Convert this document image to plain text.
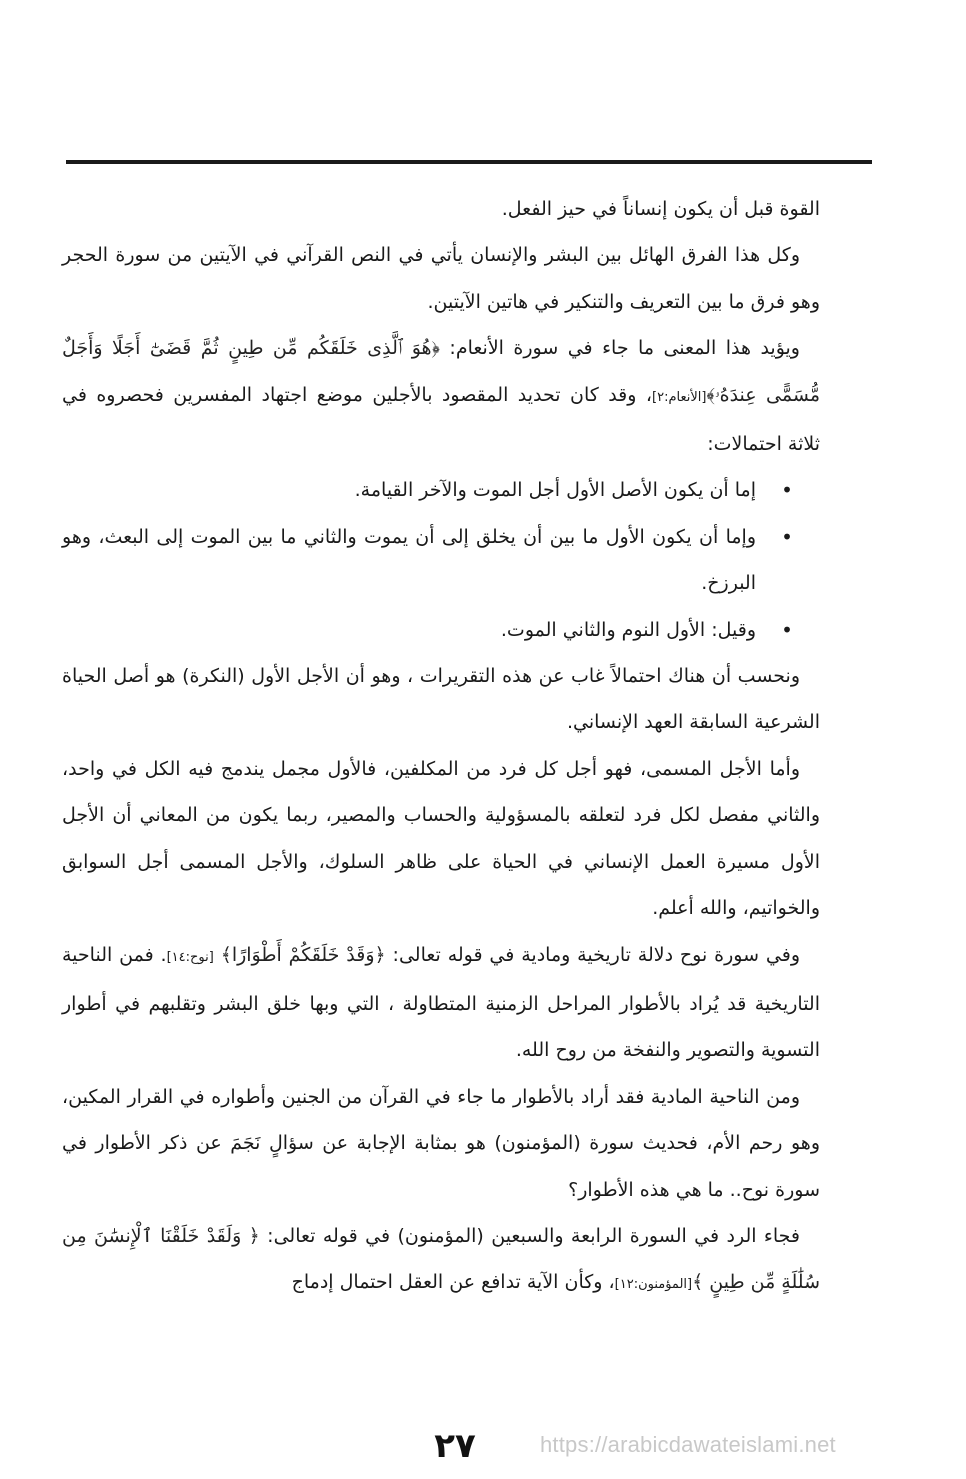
القوة قبل أن يكون إنساناً في حيز الفعل.

وكل هذا الفرق الهائل بين البشر والإنسان يأتي في النص القرآني في الآيتين من سورة الحجر وهو فرق ما بين التعريف والتنكير في هاتين الآيتين.

ويؤيد هذا المعنى ما جاء في سورة الأنعام: ﴿هُوَ ٱلَّذِى خَلَقَكُم مِّن طِينٍ ثُمَّ قَضَىٰٓ أَجَلًا وَأَجَلٌ مُّسَمًّى عِندَهُۥ﴾[الأنعام:٢]، وقد كان تحديد المقصود بالأجلين موضع اجتهاد المفسرين فحصروه في ثلاثة احتمالات:

•
إما أن يكون الأصل الأول أجل الموت والآخر القيامة.
•
وإما أن يكون الأول ما بين أن يخلق إلى أن يموت والثاني ما بين الموت إلى البعث، وهو البرزخ.
•
وقيل: الأول النوم والثاني الموت.

ونحسب أن هناك احتمالاً غاب عن هذه التقريرات ، وهو أن الأجل الأول (النكرة) هو أصل الحياة الشرعية السابقة العهد الإنساني.

وأما الأجل المسمى، فهو أجل كل فرد من المكلفين، فالأول مجمل يندمج فيه الكل في واحد، والثاني مفصل لكل فرد لتعلقه بالمسؤولية والحساب والمصير، ربما يكون من المعاني أن الأجل الأول مسيرة العمل الإنساني في الحياة على ظاهر السلوك، والأجل المسمى أجل السوابق والخواتيم، والله أعلم.

وفي سورة نوح دلالة تاريخية ومادية في قوله تعالى: ﴿وَقَدْ خَلَقَكُمْ أَطْوَارًا﴾ [نوح:١٤]. فمن الناحية التاريخية قد يُراد بالأطوار المراحل الزمنية المتطاولة ، التي وبها خلق البشر وتقلبهم في أطوار التسوية والتصوير والنفخة من روح الله.

ومن الناحية المادية فقد أراد بالأطوار ما جاء في القرآن من الجنين وأطواره في القرار المكين، وهو رحم الأم، فحديث سورة (المؤمنون) هو بمثابة الإجابة عن سؤالٍ نَجَمَ عن ذكر الأطوار في سورة نوح.. ما هي هذه الأطوار؟

فجاء الرد في السورة الرابعة والسبعين (المؤمنون) في قوله تعالى: ﴿ وَلَقَدْ خَلَقْنَا ٱلْإِنسَٰنَ مِن سُلَٰلَةٍ مِّن طِينٍ ﴾[المؤمنون:١٢]، وكأن الآية تدافع عن العقل احتمال إدماج

٢٧	https://arabicdawateislami.net
